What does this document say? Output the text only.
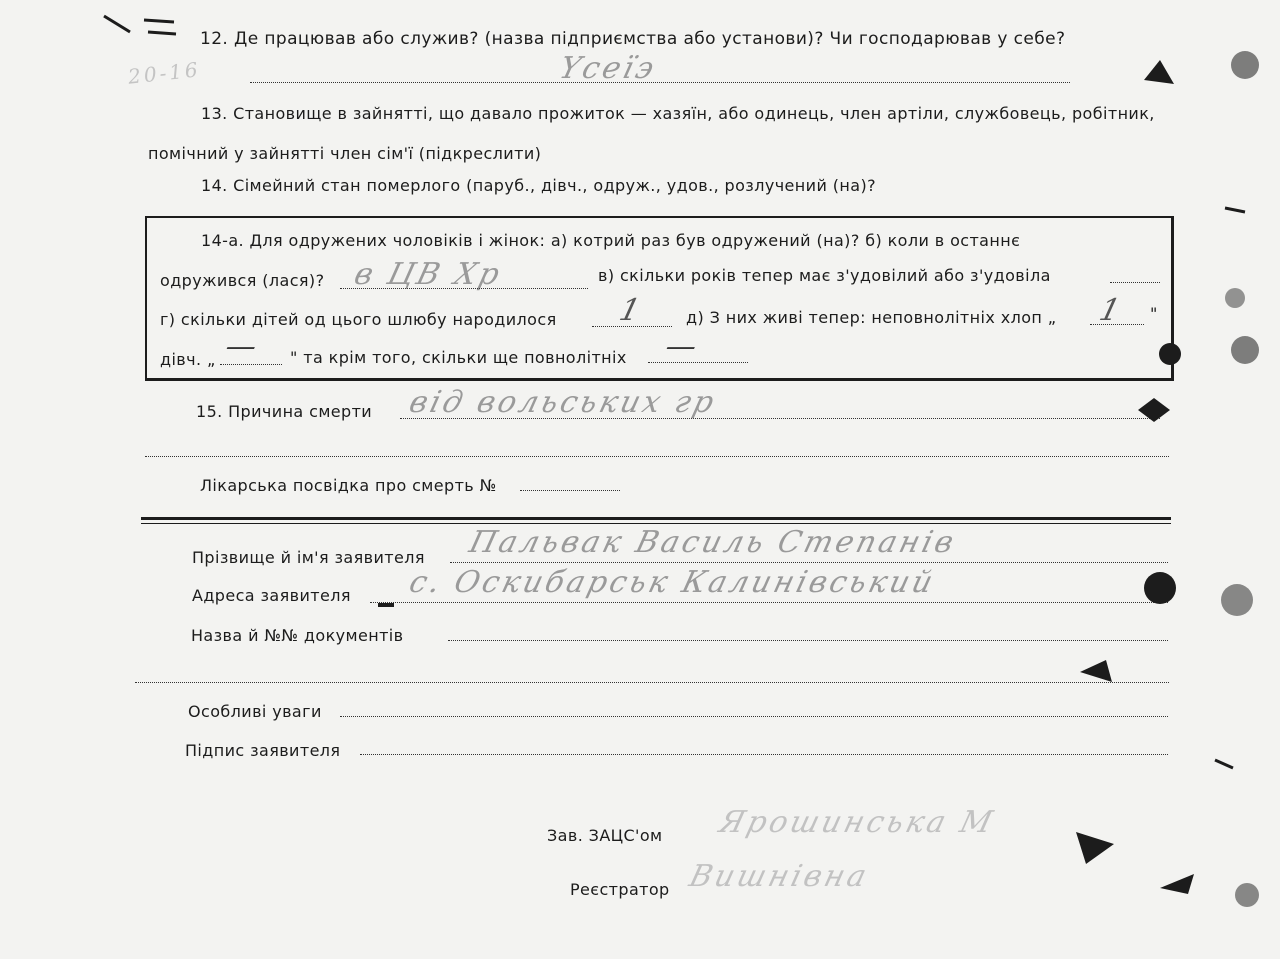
20-16
12. Де працював або служив? (назва підприємства або установи)? Чи господарював у себе?
Үсеїэ
13. Становище в зайнятті, що давало прожиток — хазяїн, або одинець, член артіли, службовець, робітник,
помічний у зайнятті член сім'ї (підкреслити)
14. Сімейний стан померлого (паруб., дівч., одруж., удов., розлучений (на)?
14-а. Для одружених чоловіків і жінок: а) котрий раз був одружений (на)? б) коли в останнє
одружився (лася)? в ЦВ Хр	в) скільки років тепер має з'удовілий або з'удовіла
г) скільки дітей од цього шлюбу народилося 1 д) З них живі тепер: неповнолітніх хлоп „ 1 "
дівч. „ — " та крім того, скільки ще повнолітніх —
15. Причина смерти від вольських гр
Лікарська посвідка про смерть №
Прізвище й ім'я заявителя Пальвак Василь Степанів
Адреса заявителя с. Оскибарськ Калинівський
Назва й №№ документів
Особливі уваги
Підпис заявителя
Зав. ЗАЦС'ом Ярошинська М
Реєстратор Вишнівна
